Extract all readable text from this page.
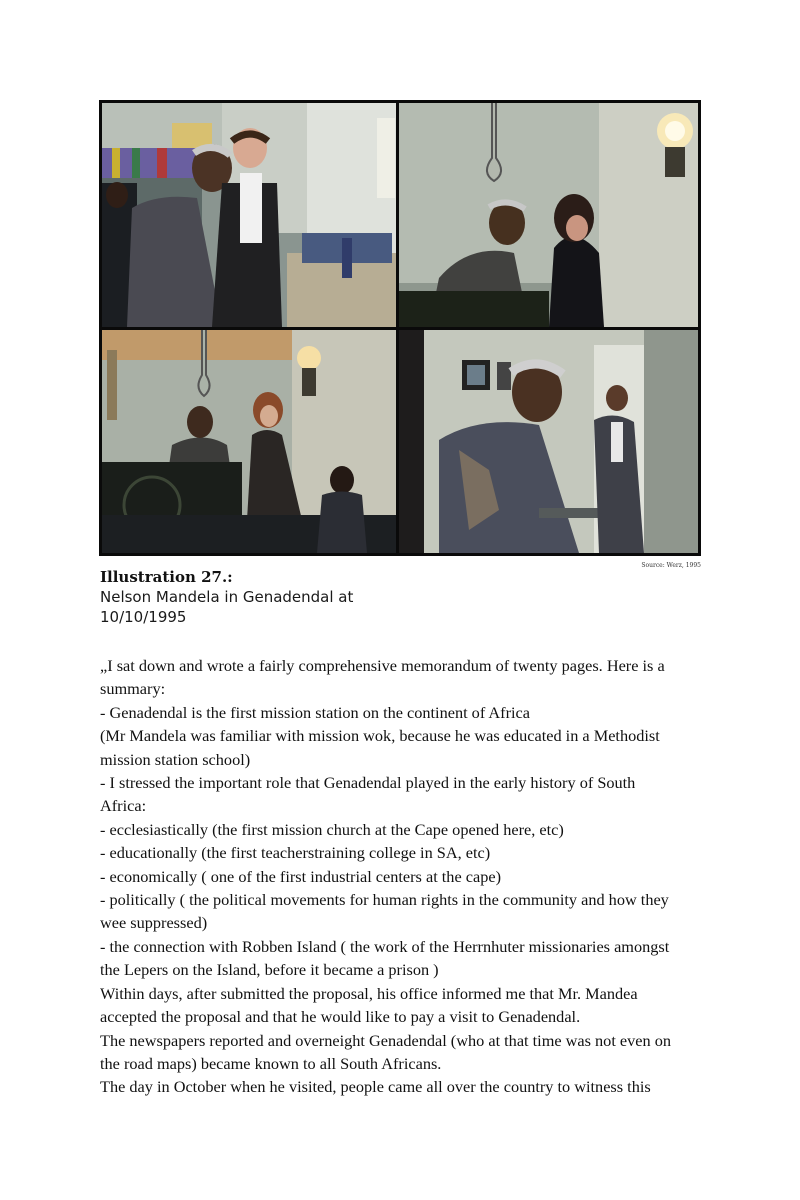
Source: Werz, 1995
Illustration 27.:
Nelson Mandela in Genadendal at
10/10/1995

„I sat down and wrote a fairly comprehensive memorandum of twenty pages. Here is a

summary:

- Genadendal is the first mission station on the continent of Africa

(Mr Mandela was familiar with mission wok, because he was educated in a Methodist

mission station school)

- I stressed the important role that Genadendal played in the early history of South

Africa:

- ecclesiastically (the first mission church at the Cape opened here, etc)

- educationally (the first teacherstraining college in SA, etc)

- economically ( one of the first industrial centers at the cape)

- politically ( the political movements for human rights in the community and how they

wee suppressed)

- the connection with Robben Island ( the work of the Herrnhuter missionaries amongst

the Lepers on the Island, before it became a prison )

Within days, after submitted the proposal, his office informed me that Mr. Mandea

accepted the proposal and that he would like to pay a visit to Genadendal.

The newspapers reported and overneight Genadendal (who at that time was not even on

the road maps) became known to all South Africans.

The day in October when he visited, people came all over the country to witness this
